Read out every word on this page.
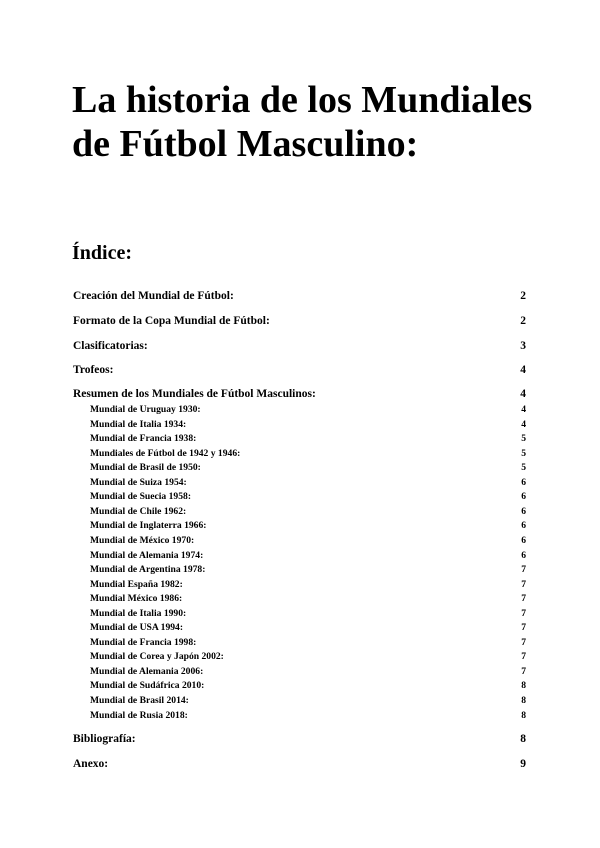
La historia de los Mundiales
de Fútbol Masculino:
Índice:
Creación del Mundial de Fútbol:	2
Formato de la Copa Mundial de Fútbol:	2
Clasificatorias:	3
Trofeos:	4
Resumen de los Mundiales de Fútbol Masculinos:	4
Mundial de Uruguay 1930:	4
Mundial de Italia 1934:	4
Mundial de Francia 1938:	5
Mundiales de Fútbol de 1942 y 1946:	5
Mundial de Brasil de 1950:	5
Mundial de Suiza 1954:	6
Mundial de Suecia 1958:	6
Mundial de Chile 1962:	6
Mundial de Inglaterra 1966:	6
Mundial de México 1970:	6
Mundial de Alemania 1974:	6
Mundial de Argentina 1978:	7
Mundial España 1982:	7
Mundial México 1986:	7
Mundial de Italia 1990:	7
Mundial de USA 1994:	7
Mundial de Francia 1998:	7
Mundial de Corea y Japón 2002:	7
Mundial de Alemania 2006:	7
Mundial de Sudáfrica 2010:	8
Mundial de Brasil 2014:	8
Mundial de Rusia 2018:	8
Bibliografía:	8
Anexo:	9
